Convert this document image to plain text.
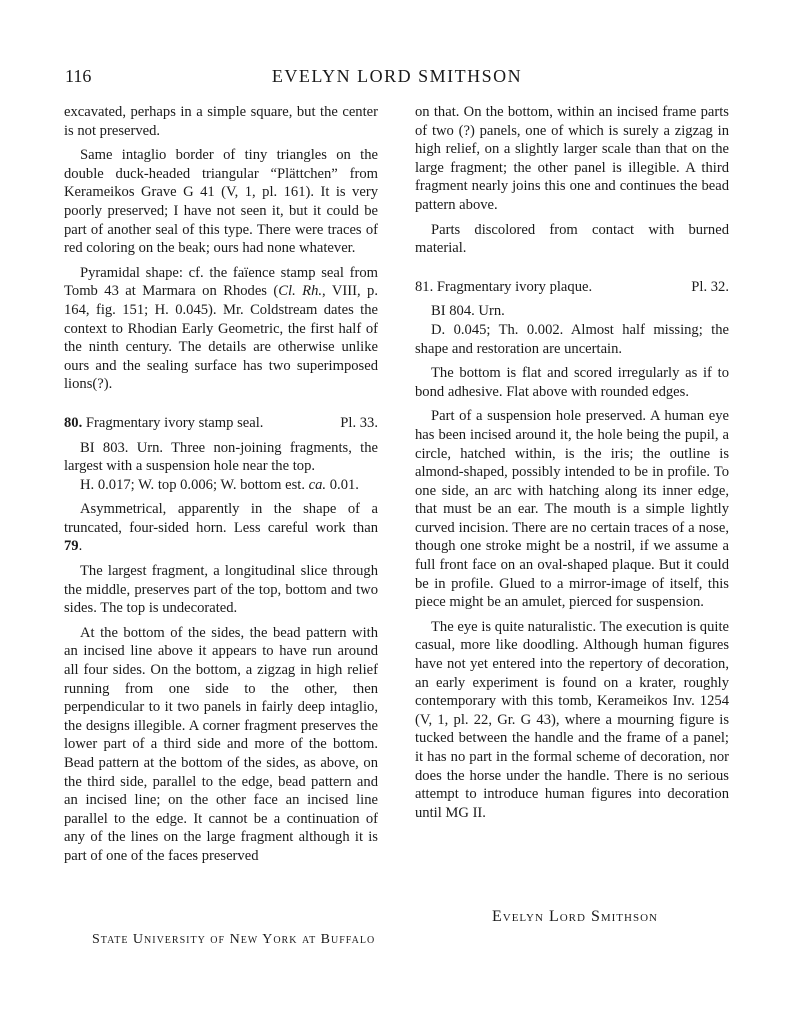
116	EVELYN LORD SMITHSON

excavated, perhaps in a simple square, but the center is not preserved.

Same intaglio border of tiny triangles on the double duck-headed triangular “Plättchen” from Kerameikos Grave G 41 (V, 1, pl. 161). It is very poorly preserved; I have not seen it, but it could be part of another seal of this type. There were traces of red coloring on the beak; ours had none whatever.

Pyramidal shape: cf. the faïence stamp seal from Tomb 43 at Marmara on Rhodes (Cl. Rh., VIII, p. 164, fig. 151; H. 0.045). Mr. Coldstream dates the context to Rhodian Early Geometric, the first half of the ninth century. The details are otherwise unlike ours and the sealing surface has two superimposed lions(?).

80. Fragmentary ivory stamp seal.	Pl. 33.

BI 803. Urn. Three non-joining fragments, the largest with a suspension hole near the top.

H. 0.017; W. top 0.006; W. bottom est. ca. 0.01.

Asymmetrical, apparently in the shape of a truncated, four-sided horn. Less careful work than 79.

The largest fragment, a longitudinal slice through the middle, preserves part of the top, bottom and two sides. The top is undecorated.

At the bottom of the sides, the bead pattern with an incised line above it appears to have run around all four sides. On the bottom, a zigzag in high relief running from one side to the other, then perpendicular to it two panels in fairly deep intaglio, the designs illegible. A corner fragment preserves the lower part of a third side and more of the bottom. Bead pattern at the bottom of the sides, as above, on the third side, parallel to the edge, bead pattern and an incised line; on the other face an incised line parallel to the edge. It cannot be a continuation of any of the lines on the large fragment although it is part of one of the faces preserved

on that. On the bottom, within an incised frame parts of two (?) panels, one of which is surely a zigzag in high relief, on a slightly larger scale than that on the large fragment; the other panel is illegible. A third fragment nearly joins this one and continues the bead pattern above.

Parts discolored from contact with burned material.

81. Fragmentary ivory plaque.	Pl. 32.

BI 804. Urn.

D. 0.045; Th. 0.002. Almost half missing; the shape and restoration are uncertain.

The bottom is flat and scored irregularly as if to bond adhesive. Flat above with rounded edges.

Part of a suspension hole preserved. A human eye has been incised around it, the hole being the pupil, a circle, hatched within, is the iris; the outline is almond-shaped, possibly intended to be in profile. To one side, an arc with hatching along its inner edge, that must be an ear. The mouth is a simple lightly curved incision. There are no certain traces of a nose, though one stroke might be a nostril, if we assume a full front face on an oval-shaped plaque. But it could be in profile. Glued to a mirror-image of itself, this piece might be an amulet, pierced for suspension.

The eye is quite naturalistic. The execution is quite casual, more like doodling. Although human figures have not yet entered into the repertory of decoration, an early experiment is found on a krater, roughly contemporary with this tomb, Kerameikos Inv. 1254 (V, 1, pl. 22, Gr. G 43), where a mourning figure is tucked between the handle and the frame of a panel; it has no part in the formal scheme of decoration, nor does the horse under the handle. There is no serious attempt to introduce human figures into decoration until MG II.

Evelyn Lord Smithson
State University of New York at Buffalo
